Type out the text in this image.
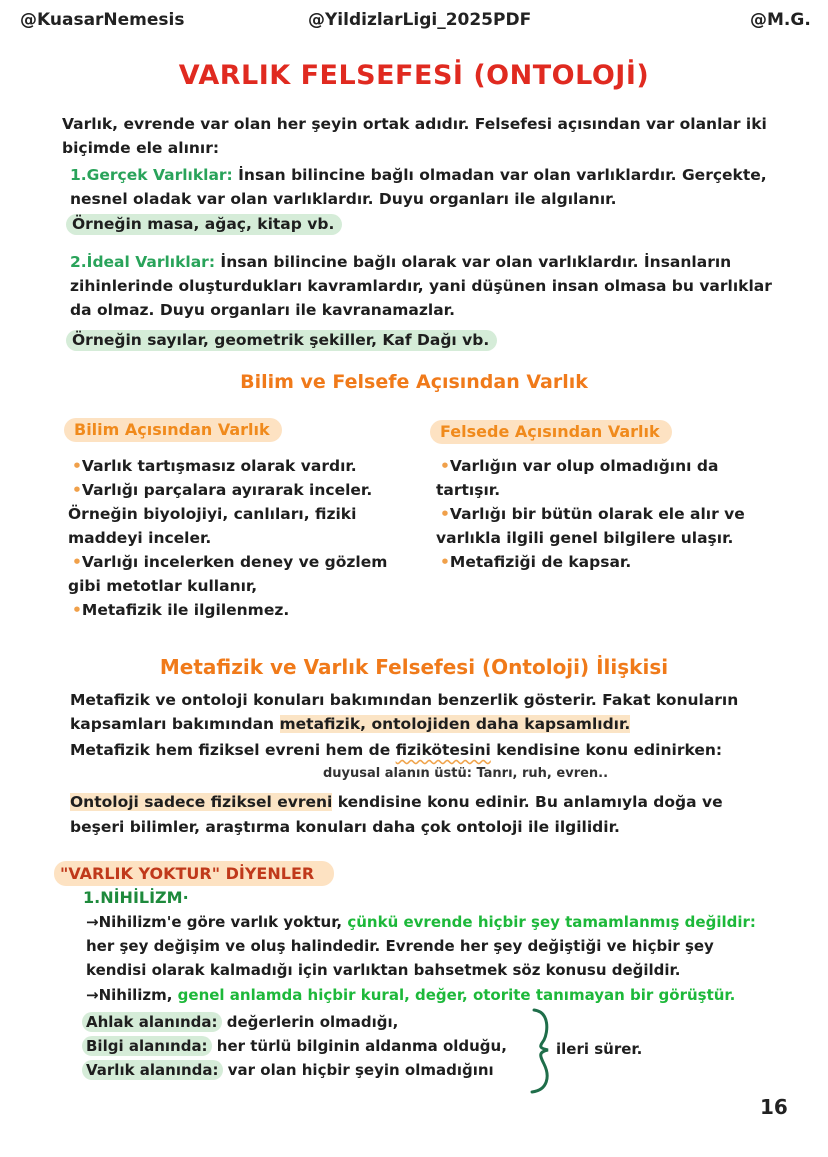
@KuasarNemesis	@YildizlarLigi_2025PDF	@M.G.
VARLIK FELSEFESİ (ONTOLOJİ)
Varlık, evrende var olan her şeyin ortak adıdır. Felsefesi açısından var olanlar iki
biçimde ele alınır:
1.Gerçek Varlıklar: İnsan bilincine bağlı olmadan var olan varlıklardır. Gerçekte,
nesnel oladak var olan varlıklardır. Duyu organları ile algılanır.
Örneğin masa, ağaç, kitap vb.
2.İdeal Varlıklar: İnsan bilincine bağlı olarak var olan varlıklardır. İnsanların
zihinlerinde oluşturdukları kavramlardır, yani düşünen insan olmasa bu varlıklar
da olmaz. Duyu organları ile kavranamazlar.
Örneğin sayılar, geometrik şekiller, Kaf Dağı vb.
Bilim ve Felsefe Açısından Varlık
Bilim Açısından Varlık
•Varlık tartışmasız olarak vardır.
•Varlığı parçalara ayırarak inceler.
Örneğin biyolojiyi, canlıları, fiziki
maddeyi inceler.
•Varlığı incelerken deney ve gözlem
gibi metotlar kullanır,
•Metafizik ile ilgilenmez.
Felsede Açısından Varlık
•Varlığın var olup olmadığını da
tartışır.
•Varlığı bir bütün olarak ele alır ve
varlıkla ilgili genel bilgilere ulaşır.
•Metafiziği de kapsar.
Metafizik ve Varlık Felsefesi (Ontoloji) İlişkisi
Metafizik ve ontoloji konuları bakımından benzerlik gösterir. Fakat konuların
kapsamları bakımından metafizik, ontolojiden daha kapsamlıdır.
Metafizik hem fiziksel evreni hem de fizikötesini kendisine konu edinirken:
duyusal alanın üstü: Tanrı, ruh, evren..
Ontoloji sadece fiziksel evreni kendisine konu edinir. Bu anlamıyla doğa ve
beşeri bilimler, araştırma konuları daha çok ontoloji ile ilgilidir.
"VARLIK YOKTUR" DİYENLER
1.NİHİLİZM·
→Nihilizm'e göre varlık yoktur, çünkü evrende hiçbir şey tamamlanmış değildir:
her şey değişim ve oluş halindedir. Evrende her şey değiştiği ve hiçbir şey
kendisi olarak kalmadığı için varlıktan bahsetmek söz konusu değildir.
→Nihilizm, genel anlamda hiçbir kural, değer, otorite tanımayan bir görüştür.
Ahlak alanında: değerlerin olmadığı,
Bilgi alanında: her türlü bilginin aldanma olduğu,
Varlık alanında: var olan hiçbir şeyin olmadığını
ileri sürer.
16
